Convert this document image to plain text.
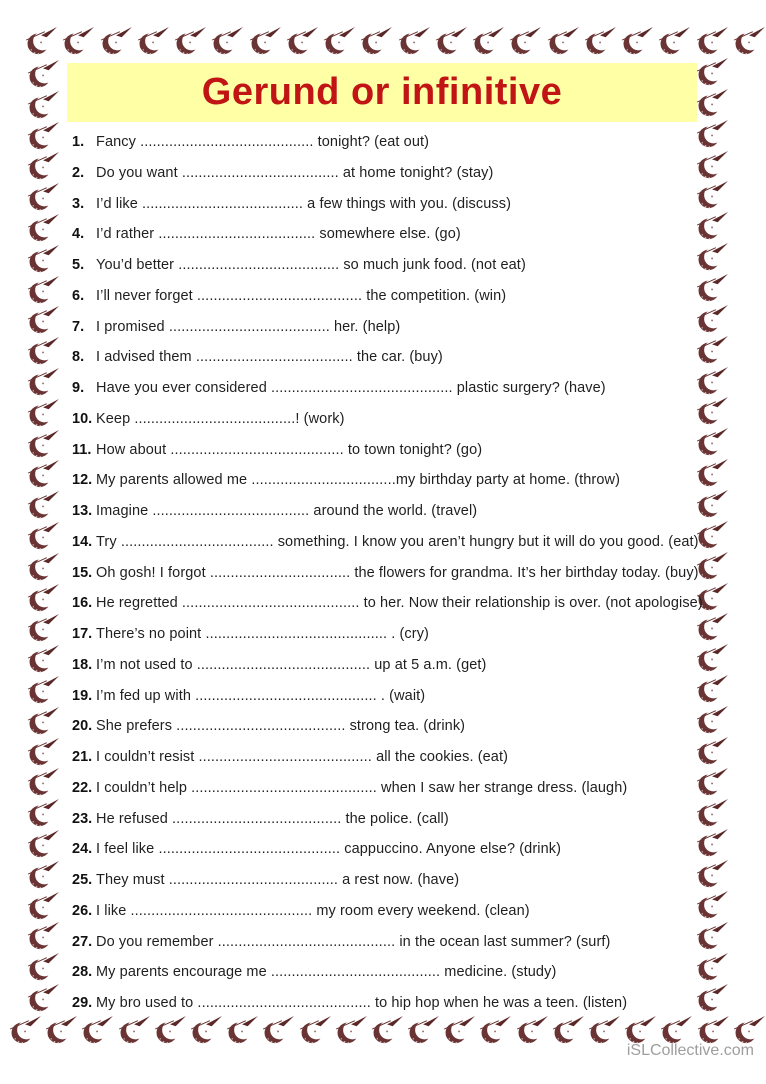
Gerund or infinitive
1. Fancy .......................................... tonight? (eat out)
2. Do you want ...................................... at home tonight? (stay)
3. I’d like ....................................... a few things with you. (discuss)
4. I’d rather ...................................... somewhere else. (go)
5. You’d better ....................................... so much junk food. (not eat)
6. I’ll never forget ........................................ the competition. (win)
7. I promised ....................................... her. (help)
8. I advised them ...................................... the car. (buy)
9. Have you ever considered ............................................ plastic surgery? (have)
10. Keep .......................................! (work)
11. How about .......................................... to town tonight? (go)
12. My parents allowed me ...................................my birthday party at home. (throw)
13. Imagine ...................................... around the world. (travel)
14. Try ..................................... something. I know you aren’t hungry but it will do you good. (eat)
15. Oh gosh! I forgot .................................. the flowers for grandma. It’s her birthday today. (buy)
16. He regretted ........................................... to her. Now their relationship is over. (not apologise)
17. There’s no point ............................................ . (cry)
18. I’m not used to .......................................... up at 5 a.m. (get)
19. I’m fed up with ............................................ . (wait)
20. She prefers ......................................... strong tea. (drink)
21. I couldn’t resist .......................................... all the cookies. (eat)
22. I couldn’t help ............................................. when I saw her strange dress. (laugh)
23. He refused ......................................... the police. (call)
24. I feel like ............................................ cappuccino. Anyone else? (drink)
25. They must ......................................... a rest now. (have)
26. I like ............................................ my room every weekend. (clean)
27. Do you remember ........................................... in the ocean last summer? (surf)
28. My parents encourage me ......................................... medicine. (study)
29. My bro used to .......................................... to hip hop when he was a teen. (listen)
iSLCollective.com
